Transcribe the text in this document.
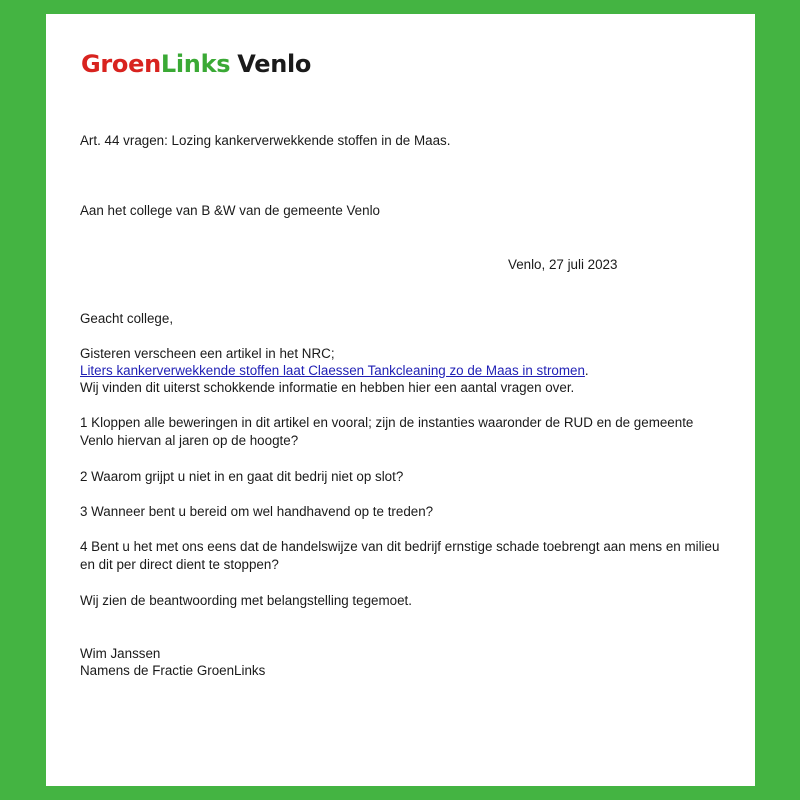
GroenLinks Venlo
Art. 44 vragen: Lozing kankerverwekkende stoffen in de Maas.
Aan het college van B &W van de gemeente Venlo
Venlo, 27 juli 2023
Geacht college,
Gisteren verscheen een artikel in het NRC;
Liters kankerverwekkende stoffen laat Claessen Tankcleaning zo de Maas in stromen.
Wij vinden dit uiterst schokkende informatie en hebben hier een aantal vragen over.
1 Kloppen alle beweringen in dit artikel en vooral; zijn de instanties waaronder de RUD en de gemeente Venlo hiervan al jaren op de hoogte?
2 Waarom grijpt u niet in en gaat dit bedrij niet op slot?
3 Wanneer bent u bereid om wel handhavend op te treden?
4 Bent u het met ons eens dat de handelswijze van dit bedrijf ernstige schade toebrengt aan mens en milieu en dit per direct dient te stoppen?
Wij zien de beantwoording met belangstelling tegemoet.
Wim Janssen
Namens de Fractie GroenLinks
